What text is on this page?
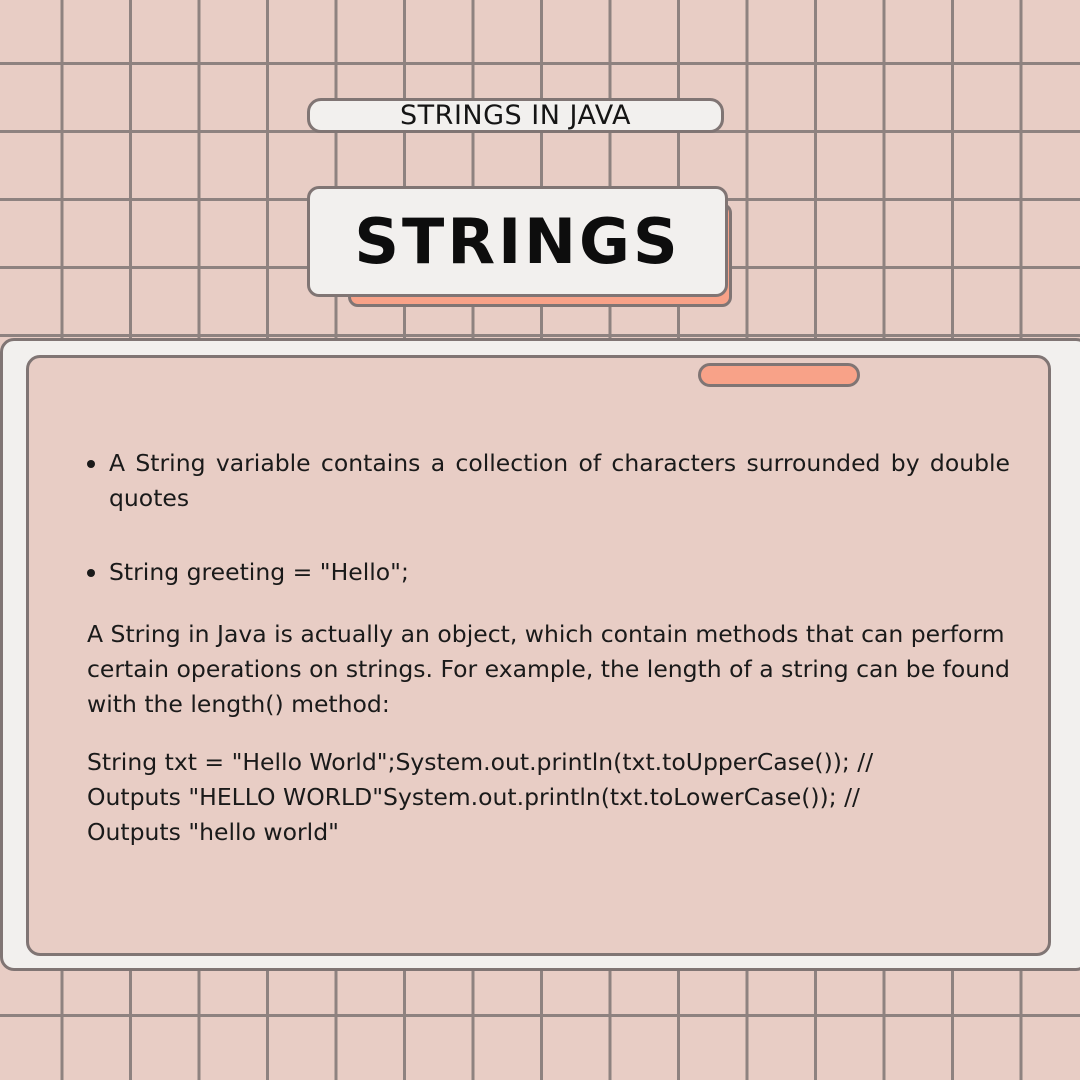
STRINGS IN JAVA
STRINGS
A String variable contains a collection of characters surrounded by double quotes
String greeting = "Hello";
A String in Java is actually an object, which contain methods that can perform certain operations on strings. For example, the length of a string can be found with the length() method:
String txt = "Hello World";System.out.println(txt.toUpperCase()); //
Outputs "HELLO WORLD"System.out.println(txt.toLowerCase()); //
Outputs "hello world"
